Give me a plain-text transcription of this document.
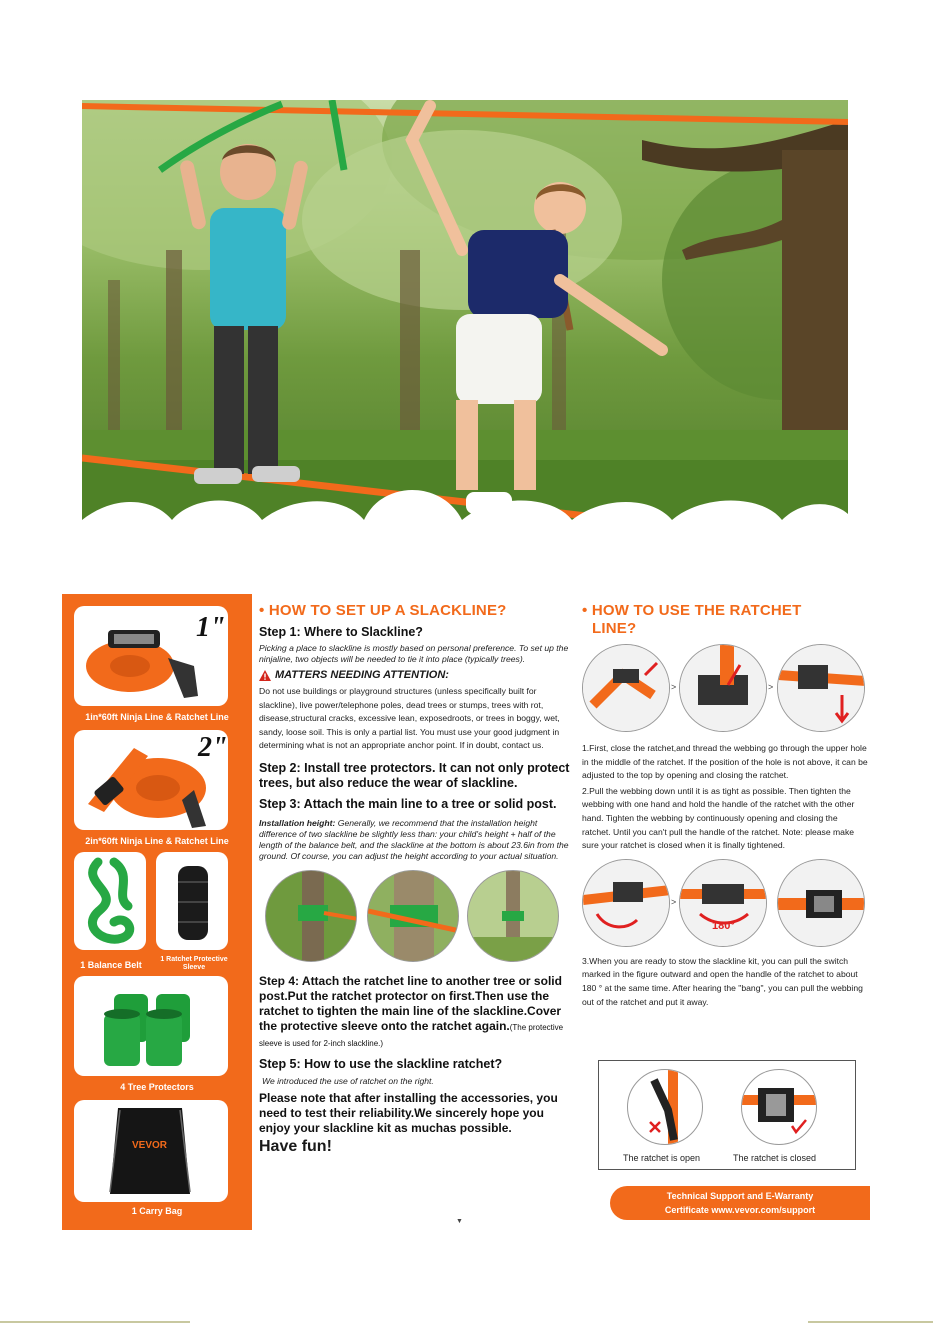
1"
1in*60ft Ninja Line & Ratchet Line
2"
2in*60ft Ninja Line & Ratchet Line
1 Balance Belt
1 Ratchet Protective Sleeve
4 Tree Protectors
VEVOR
1 Carry Bag
• HOW TO SET UP A SLACKLINE?
Step 1: Where to Slackline?
Picking a place to slackline is mostly based on personal preference. To set up the ninjaline, two objects will be needed to tie it into place (typically trees).
MATTERS NEEDING ATTENTION:
Do not use buildings or playground structures (unless specifically built for slackline), live power/telephone poles, dead trees or stumps, trees with rot, disease,structural cracks, excessive lean, exposedroots, or trees in boggy, wet, sandy, loose soil. This is only a partial list. You must use your good judgment in determining what is not an appropriate anchor point. If in doubt, contact us.
Step 2: Install tree protectors. It can not only protect trees, but also reduce the wear of slackline.
Step 3: Attach the main line to a tree or solid post.
Installation height: Generally, we recommend that the installation height difference of two slackline be slightly less than: your child's height + half of the length of the balance belt, and the slackline at the bottom is about 23.6in from the ground. Of course, you can adjust the height according to your actual situation.
Step 4: Attach the ratchet line to another tree or solid post.Put the ratchet protector on first.Then use the ratchet to tighten the main line of the slackline.Cover the protective sleeve onto the ratchet again.(The protective sleeve is used for 2-inch slackline.)
Step 5: How to use the slackline ratchet?
We introduced the use of ratchet on the right.
Please note that after installing the accessories, you need to test their reliability.We sincerely hope you enjoy your slackline kit as muchas possible.
Have fun!
• HOW TO USE THE RATCHET
LINE?
>	>
1.First, close the ratchet,and thread the webbing go through the upper hole in the middle of the ratchet. If the position of the hole is not above, it can be adjusted to the top by opening and closing the ratchet.
2.Pull the webbing down until it is as tight as possible. Then tighten the webbing with one hand and hold the handle of the ratchet with the other hand. Tighten the webbing by continuously opening and closing the ratchet. Until you can't pull the handle of the ratchet. Note: please make sure your ratchet is closed when it is finally tightened.
>
180°
3.When you are ready to stow the slackline kit, you can pull the switch marked in the figure outward and open the handle of the ratchet to about 180 ° at the same time. After hearing the "bang", you can pull the webbing out of the ratchet and put it away.
The ratchet is open	The ratchet is closed
Technical Support and E-Warranty
Certificate www.vevor.com/support
▼
